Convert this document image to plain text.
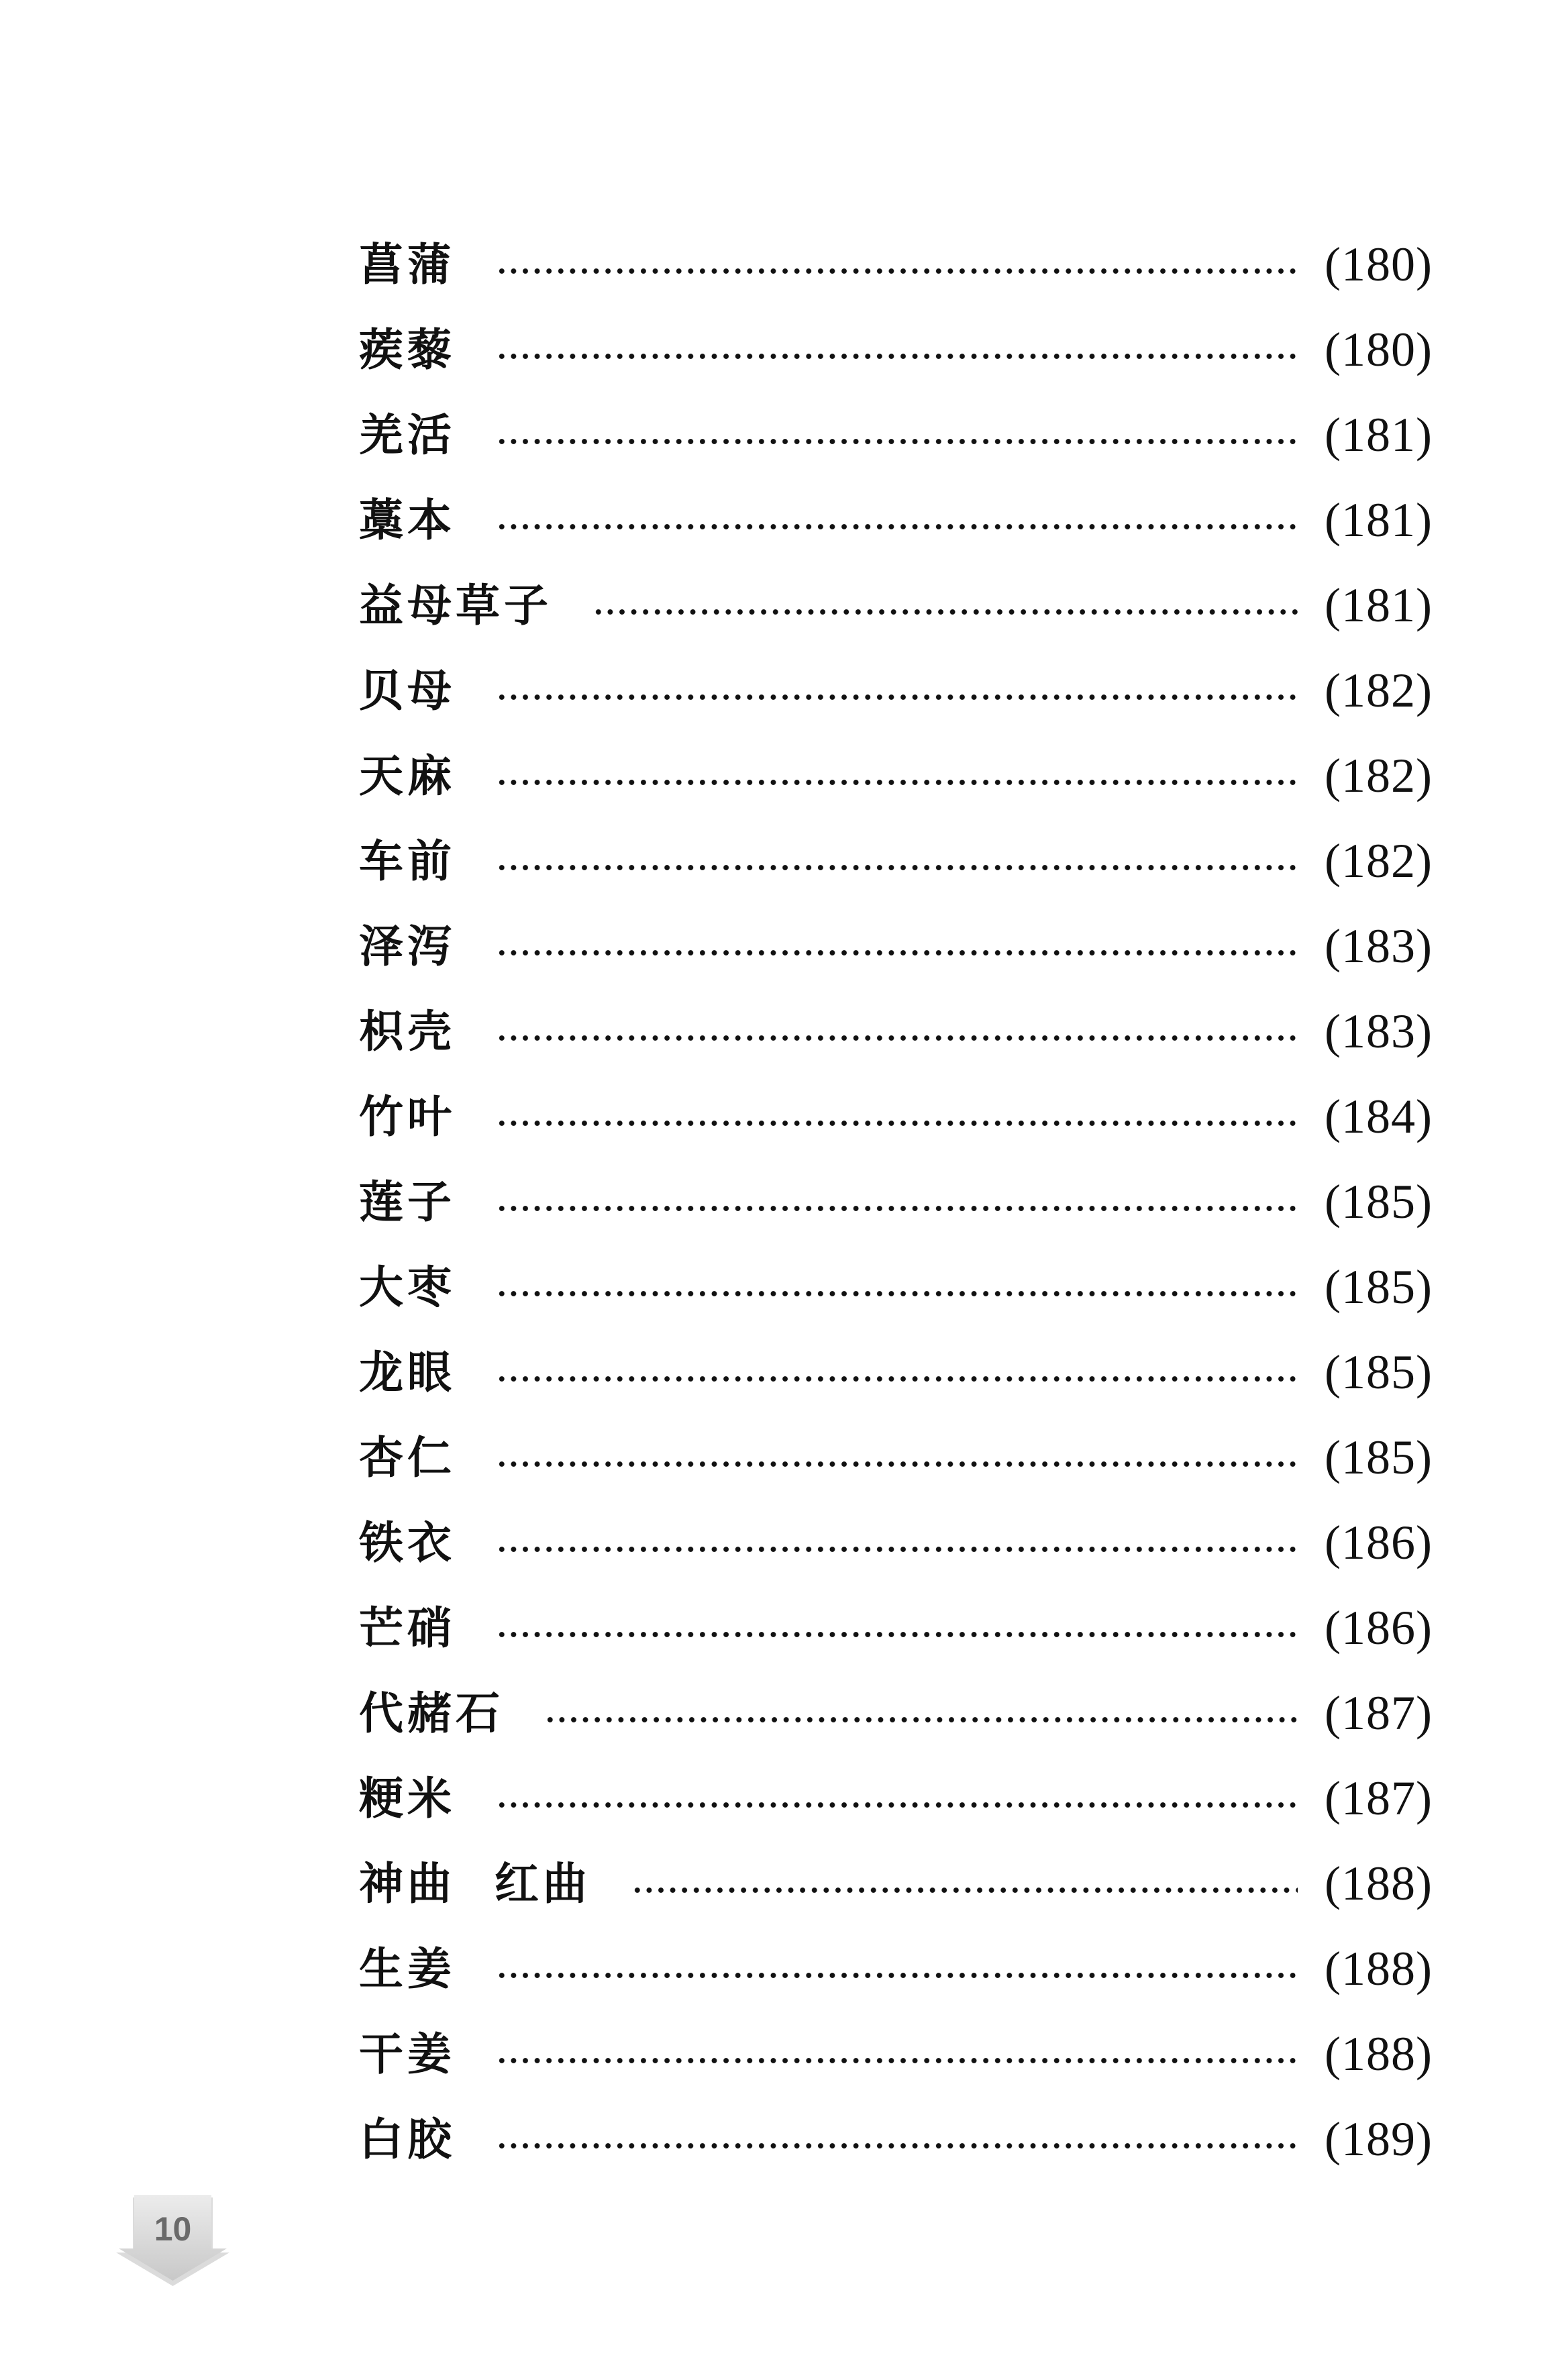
菖蒲	(180)
蒺藜	(180)
羌活	(181)
藁本	(181)
益母草子	(181)
贝母	(182)
天麻	(182)
车前	(182)
泽泻	(183)
枳壳	(183)
竹叶	(184)
莲子	(185)
大枣	(185)
龙眼	(185)
杏仁	(185)
铁衣	(186)
芒硝	(186)
代赭石	(187)
粳米	(187)
神曲  红曲	(188)
生姜	(188)
干姜	(188)
白胶	(189)
10
